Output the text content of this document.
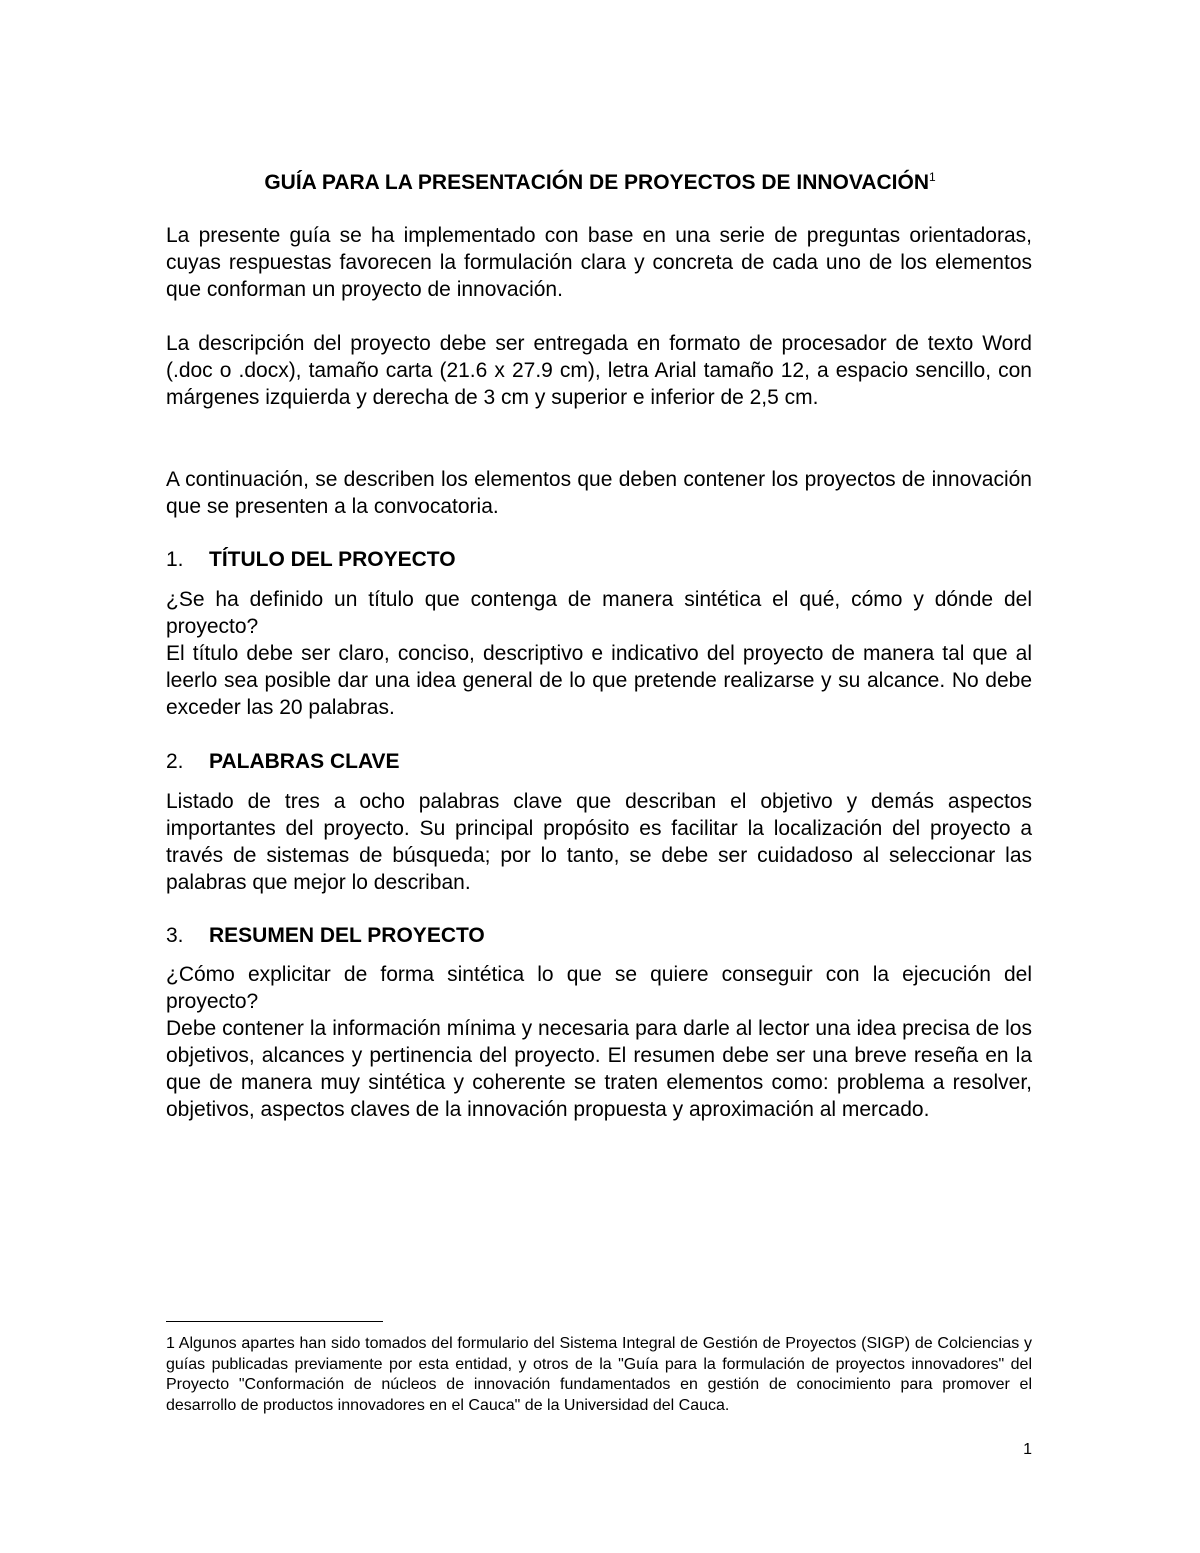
GUÍA PARA LA PRESENTACIÓN DE PROYECTOS DE INNOVACIÓN$^1$

La presente guía se ha implementado con base en una serie de preguntas orientadoras, cuyas respuestas favorecen la formulación clara y concreta de cada uno de los elementos que conforman un proyecto de innovación.

La descripción del proyecto debe ser entregada en formato de procesador de texto Word (.doc o .docx), tamaño carta (21.6 x 27.9 cm), letra Arial tamaño 12, a espacio sencillo, con márgenes izquierda y derecha de 3 cm y superior e inferior de 2,5 cm.

A continuación, se describen los elementos que deben contener los proyectos de innovación que se presenten a la convocatoria.

1. TÍTULO DEL PROYECTO

¿Se ha definido un título que contenga de manera sintética el qué, cómo y dónde del proyecto?

El título debe ser claro, conciso, descriptivo e indicativo del proyecto de manera tal que al leerlo sea posible dar una idea general de lo que pretende realizarse y su alcance. No debe exceder las 20 palabras.

2. PALABRAS CLAVE

Listado de tres a ocho palabras clave que describan el objetivo y demás aspectos importantes del proyecto. Su principal propósito es facilitar la localización del proyecto a través de sistemas de búsqueda; por lo tanto, se debe ser cuidadoso al seleccionar las palabras que mejor lo describan.

3. RESUMEN DEL PROYECTO

¿Cómo explicitar de forma sintética lo que se quiere conseguir con la ejecución del proyecto?

Debe contener la información mínima y necesaria para darle al lector una idea precisa de los objetivos, alcances y pertinencia del proyecto. El resumen debe ser una breve reseña en la que de manera muy sintética y coherente se traten elementos como: problema a resolver, objetivos, aspectos claves de la innovación propuesta y aproximación al mercado.

1 Algunos apartes han sido tomados del formulario del Sistema Integral de Gestión de Proyectos (SIGP) de Colciencias y guías publicadas previamente por esta entidad, y otros de la "Guía para la formulación de proyectos innovadores" del Proyecto "Conformación de núcleos de innovación fundamentados en gestión de conocimiento para promover el desarrollo de productos innovadores en el Cauca" de la Universidad del Cauca.

1
